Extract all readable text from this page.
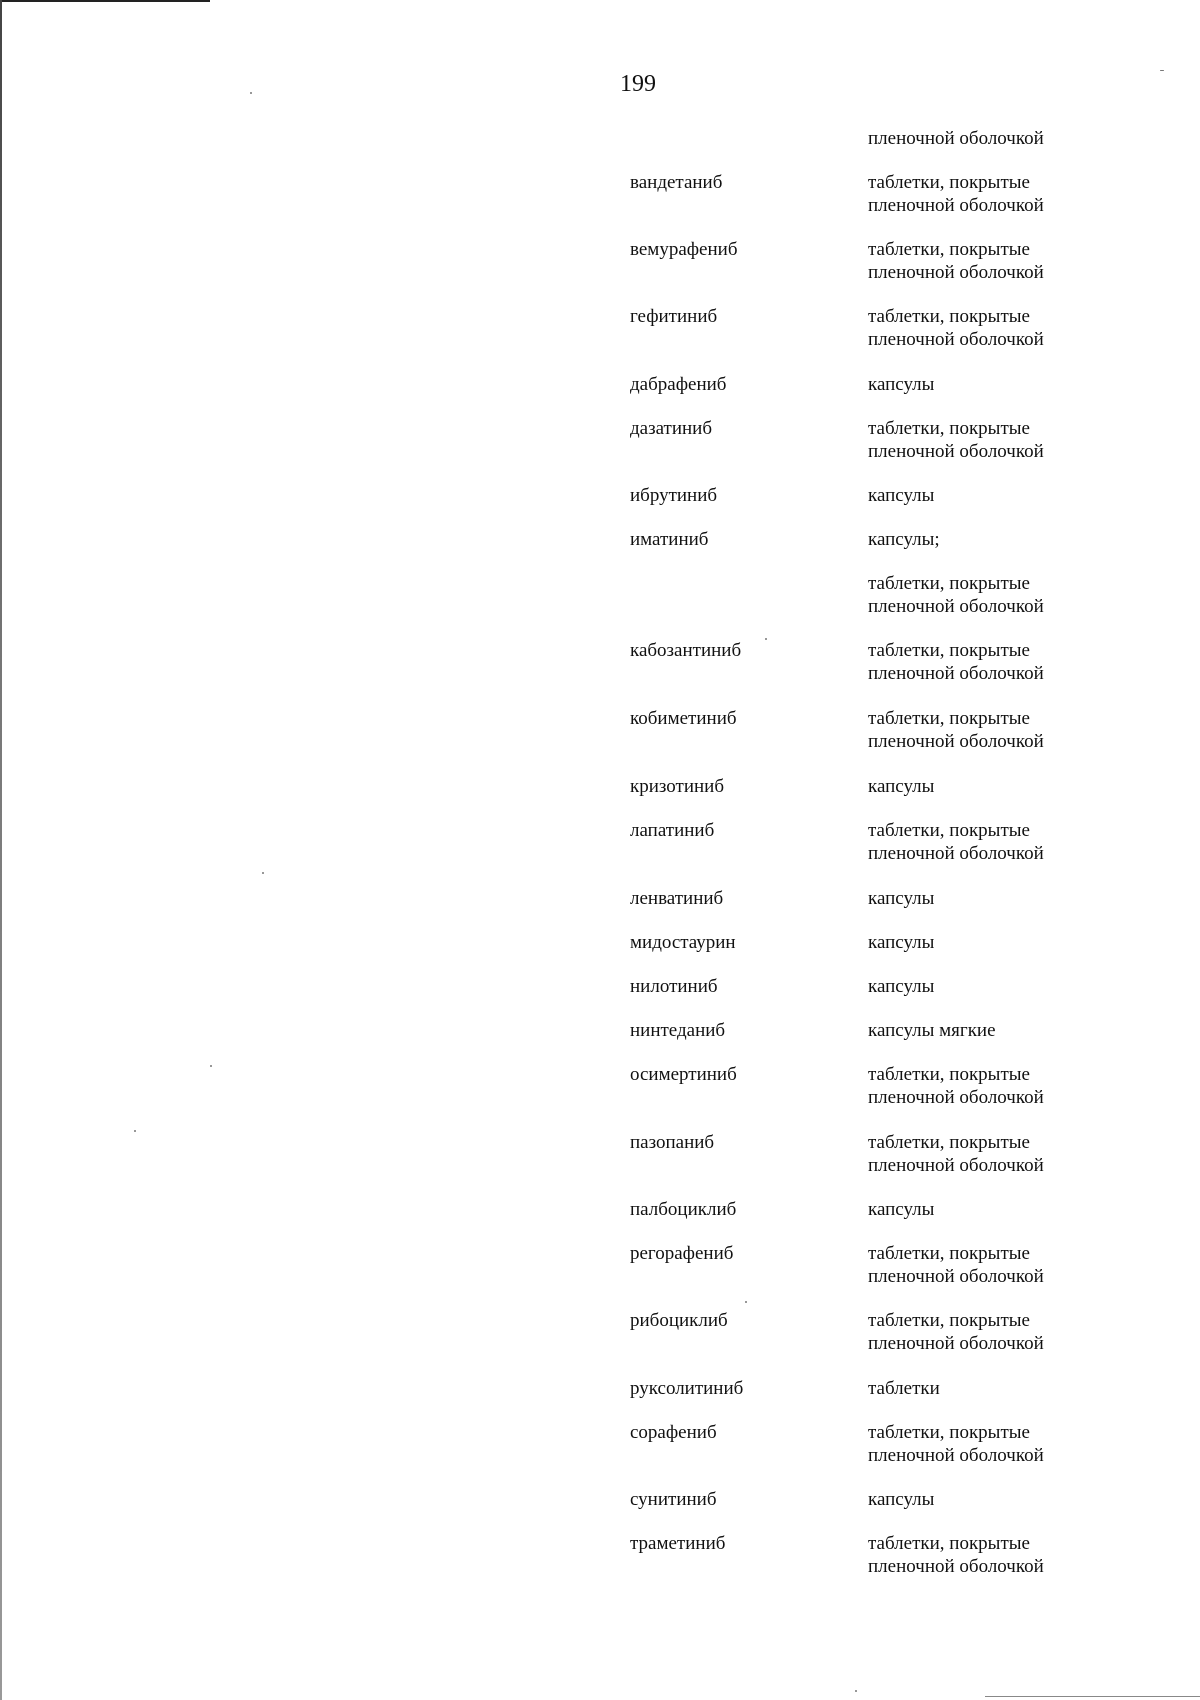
199
пленочной оболочкой
вандетаниб	таблетки, покрытые
пленочной оболочкой
вемурафениб	таблетки, покрытые
пленочной оболочкой
гефитиниб	таблетки, покрытые
пленочной оболочкой
дабрафениб	капсулы
дазатиниб	таблетки, покрытые
пленочной оболочкой
ибрутиниб	капсулы
иматиниб	капсулы;
таблетки, покрытые
пленочной оболочкой
кабозантиниб	таблетки, покрытые
пленочной оболочкой
кобиметиниб	таблетки, покрытые
пленочной оболочкой
кризотиниб	капсулы
лапатиниб	таблетки, покрытые
пленочной оболочкой
ленватиниб	капсулы
мидостаурин	капсулы
нилотиниб	капсулы
нинтеданиб	капсулы мягкие
осимертиниб	таблетки, покрытые
пленочной оболочкой
пазопаниб	таблетки, покрытые
пленочной оболочкой
палбоциклиб	капсулы
регорафениб	таблетки, покрытые
пленочной оболочкой
рибоциклиб	таблетки, покрытые
пленочной оболочкой
руксолитиниб	таблетки
сорафениб	таблетки, покрытые
пленочной оболочкой
сунитиниб	капсулы
траметиниб	таблетки, покрытые
пленочной оболочкой
